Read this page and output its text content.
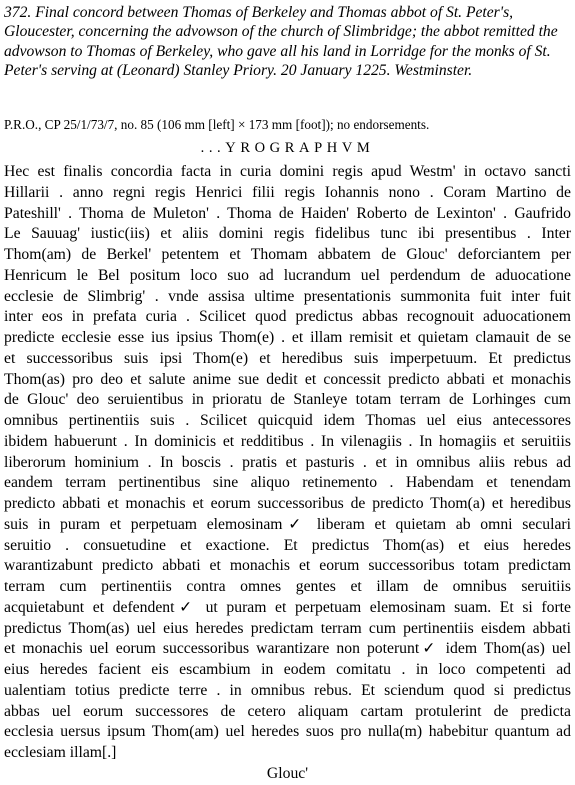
372. Final concord between Thomas of Berkeley and Thomas abbot of St. Peter's, Gloucester, concerning the advowson of the church of Slimbridge; the abbot remitted the advowson to Thomas of Berkeley, who gave all his land in Lorridge for the monks of St. Peter's serving at (Leonard) Stanley Priory. 20 January 1225. Westminster.

P.R.O., CP 25/1/73/7, no. 85 (106 mm [left] × 173 mm [foot]); no endorsements.

...YROGRAPHVM

Hec est finalis concordia facta in curia domini regis apud Westm' in octavo sancti
Hillarii . anno regni regis Henrici filii regis Iohannis nono . Coram Martino de
Pateshill' . Thoma de Muleton' . Thoma de Haiden' Roberto de Lexinton' . Gaufrido
Le Sauuag' iustic(iis) et aliis domini regis fidelibus tunc ibi presentibus . Inter
Thom(am) de Berkel' petentem et Thomam abbatem de Glouc' deforciantem per
Henricum le Bel positum loco suo ad lucrandum uel perdendum de aduocatione
ecclesie de Slimbrig' . vnde assisa ultime presentationis summonita fuit inter fuit
inter eos in prefata curia . Scilicet quod predictus abbas recognouit aduocationem
predicte ecclesie esse ius ipsius Thom(e) . et illam remisit et quietam clamauit de se
et successoribus suis ipsi Thom(e) et heredibus suis imperpetuum. Et predictus
Thom(as) pro deo et salute anime sue dedit et concessit predicto abbati et monachis
de Glouc' deo seruientibus in prioratu de Stanleye totam terram de Lorhinges cum
omnibus pertinentiis suis . Scilicet quicquid idem Thomas uel eius antecessores
ibidem habuerunt . In dominicis et redditibus . In vilenagiis . In homagiis et seruitiis
liberorum hominium . In boscis . pratis et pasturis . et in omnibus aliis rebus ad
eandem terram pertinentibus sine aliquo retinemento . Habendam et tenendam
predicto abbati et monachis et eorum successoribus de predicto Thom(a) et heredibus
suis in puram et perpetuam elemosinam✓ liberam et quietam ab omni seculari
seruitio . consuetudine et exactione. Et predictus Thom(as) et eius heredes
warantizabunt predicto abbati et monachis et eorum successoribus totam predictam
terram cum pertinentiis contra omnes gentes et illam de omnibus seruitiis
acquietabunt et defendent✓ ut puram et perpetuam elemosinam suam. Et si forte
predictus Thom(as) uel eius heredes predictam terram cum pertinentiis eisdem abbati
et monachis uel eorum successoribus warantizare non poterunt✓ idem Thom(as) uel
eius heredes facient eis escambium in eodem comitatu . in loco competenti ad
ualentiam totius predicte terre . in omnibus rebus. Et sciendum quod si predictus
abbas uel eorum successores de cetero aliquam cartam protulerint de predicta
ecclesia uersus ipsum Thom(am) uel heredes suos pro nulla(m) habebitur quantum ad
ecclesiam illam[.]

Glouc'
